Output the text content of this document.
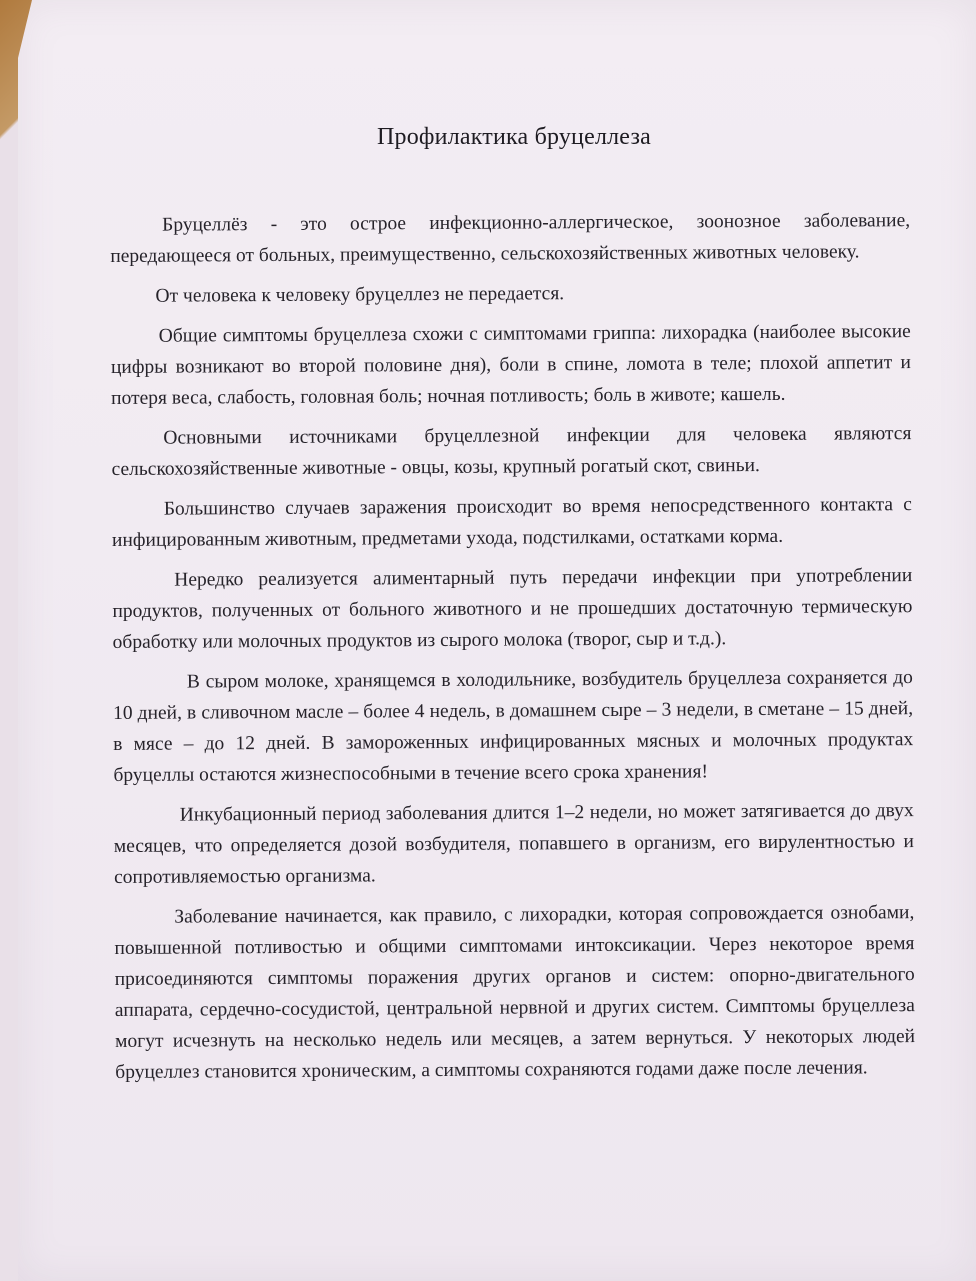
Профилактика бруцеллеза

Бруцеллёз - это острое инфекционно-аллергическое, зоонозное заболевание, передающееся от больных, преимущественно, сельскохозяйственных животных человеку.

От человека к человеку бруцеллез не передается.

Общие симптомы бруцеллеза схожи с симптомами гриппа: лихорадка (наиболее высокие цифры возникают во второй половине дня), боли в спине, ломота в теле; плохой аппетит и потеря веса, слабость, головная боль; ночная потливость; боль в животе; кашель.

Основными источниками бруцеллезной инфекции для человека являются сельскохозяйственные животные - овцы, козы, крупный рогатый скот, свиньи.

Большинство случаев заражения происходит во время непосредственного контакта с инфицированным животным, предметами ухода, подстилками, остатками корма.

Нередко реализуется алиментарный путь передачи инфекции при употреблении продуктов, полученных от больного животного и не прошедших достаточную термическую обработку или молочных продуктов из сырого молока (творог, сыр и т.д.).

В сыром молоке, хранящемся в холодильнике, возбудитель бруцеллеза сохраняется до 10 дней, в сливочном масле – более 4 недель, в домашнем сыре – 3 недели, в сметане – 15 дней, в мясе – до 12 дней. В замороженных инфицированных мясных и молочных продуктах бруцеллы остаются жизнеспособными в течение всего срока хранения!

Инкубационный период заболевания длится 1–2 недели, но может затягивается до двух месяцев, что определяется дозой возбудителя, попавшего в организм, его вирулентностью и сопротивляемостью организма.

Заболевание начинается, как правило, с лихорадки, которая сопровождается ознобами, повышенной потливостью и общими симптомами интоксикации. Через некоторое время присоединяются симптомы поражения других органов и систем: опорно-двигательного аппарата, сердечно-сосудистой, центральной нервной и других систем. Симптомы бруцеллеза могут исчезнуть на несколько недель или месяцев, а затем вернуться. У некоторых людей бруцеллез становится хроническим, а симптомы сохраняются годами даже после лечения.
